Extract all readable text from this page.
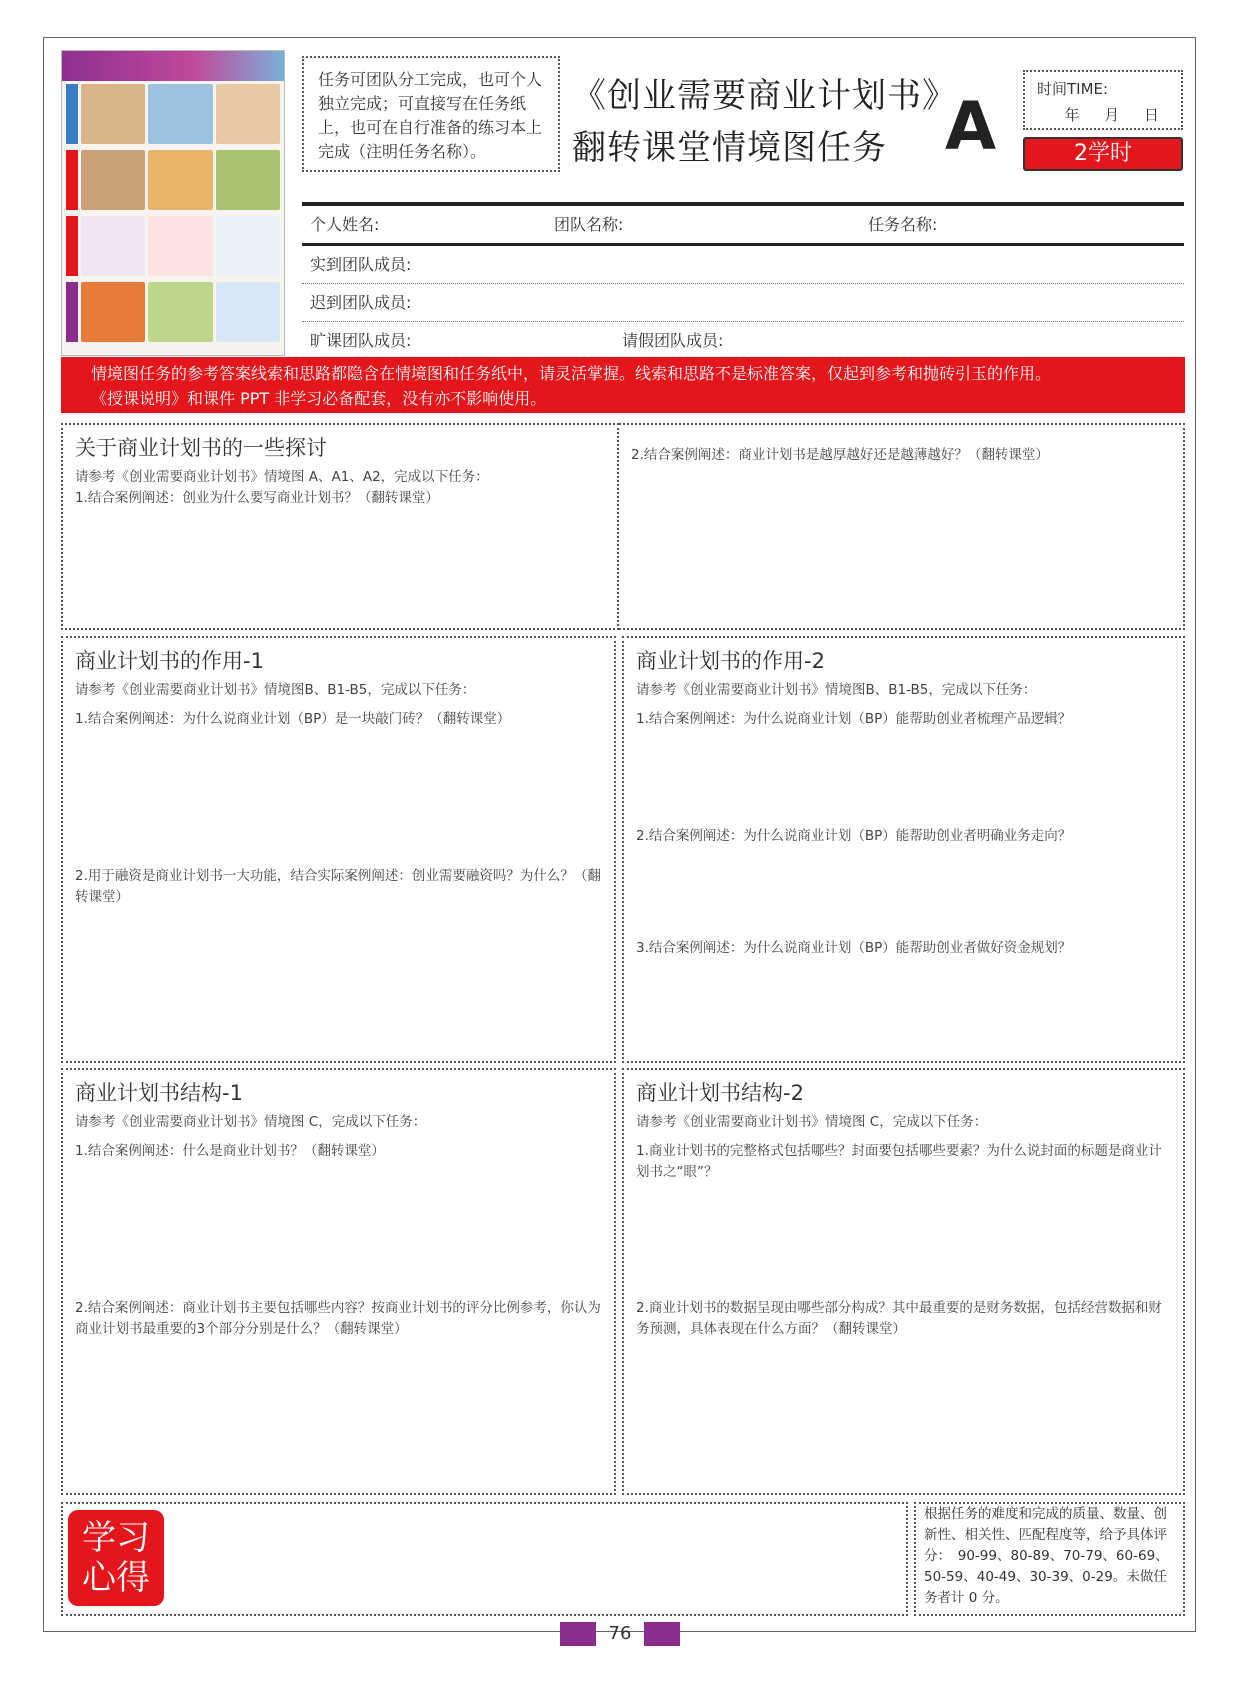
任务可团队分工完成，也可个人独立完成；可直接写在任务纸上，也可在自行准备的练习本上完成（注明任务名称）。
《创业需要商业计划书》
翻转课堂情境图任务 A	时间TIME:
年 月 日
2学时
个人姓名:	团队名称:	任务名称:
实到团队成员:
迟到团队成员:
旷课团队成员:	请假团队成员:
情境图任务的参考答案线索和思路都隐含在情境图和任务纸中，请灵活掌握。线索和思路不是标准答案，仅起到参考和抛砖引玉的作用。
《授课说明》和课件 PPT 非学习必备配套，没有亦不影响使用。
关于商业计划书的一些探讨

请参考《创业需要商业计划书》情境图 A、A1、A2，完成以下任务：

1.结合案例阐述：创业为什么要写商业计划书？（翻转课堂）

2.结合案例阐述：商业计划书是越厚越好还是越薄越好？（翻转课堂）

商业计划书的作用-1

请参考《创业需要商业计划书》情境图B、B1-B5，完成以下任务：

1.结合案例阐述：为什么说商业计划（BP）是一块敲门砖？（翻转课堂）

2.用于融资是商业计划书一大功能，结合实际案例阐述：创业需要融资吗？为什么？（翻转课堂）
商业计划书的作用-2

请参考《创业需要商业计划书》情境图B、B1-B5，完成以下任务：

1.结合案例阐述：为什么说商业计划（BP）能帮助创业者梳理产品逻辑？

2.结合案例阐述：为什么说商业计划（BP）能帮助创业者明确业务走向？
3.结合案例阐述：为什么说商业计划（BP）能帮助创业者做好资金规划？
商业计划书结构-1

请参考《创业需要商业计划书》情境图 C，完成以下任务：

1.结合案例阐述：什么是商业计划书？（翻转课堂）

2.结合案例阐述：商业计划书主要包括哪些内容？按商业计划书的评分比例参考，你认为商业计划书最重要的3个部分分别是什么？（翻转课堂）
商业计划书结构-2

请参考《创业需要商业计划书》情境图 C，完成以下任务：

1.商业计划书的完整格式包括哪些？封面要包括哪些要素？为什么说封面的标题是商业计划书之“眼”？

2.商业计划书的数据呈现由哪些部分构成？其中最重要的是财务数据，包括经营数据和财务预测，具体表现在什么方面？（翻转课堂）
学习
心得
根据任务的难度和完成的质量、数量、创新性、相关性、匹配程度等，给予具体评分：　90-99、80-89、70-79、60-69、50-59、40-49、30-39、0-29。未做任务者计 0 分。
76
